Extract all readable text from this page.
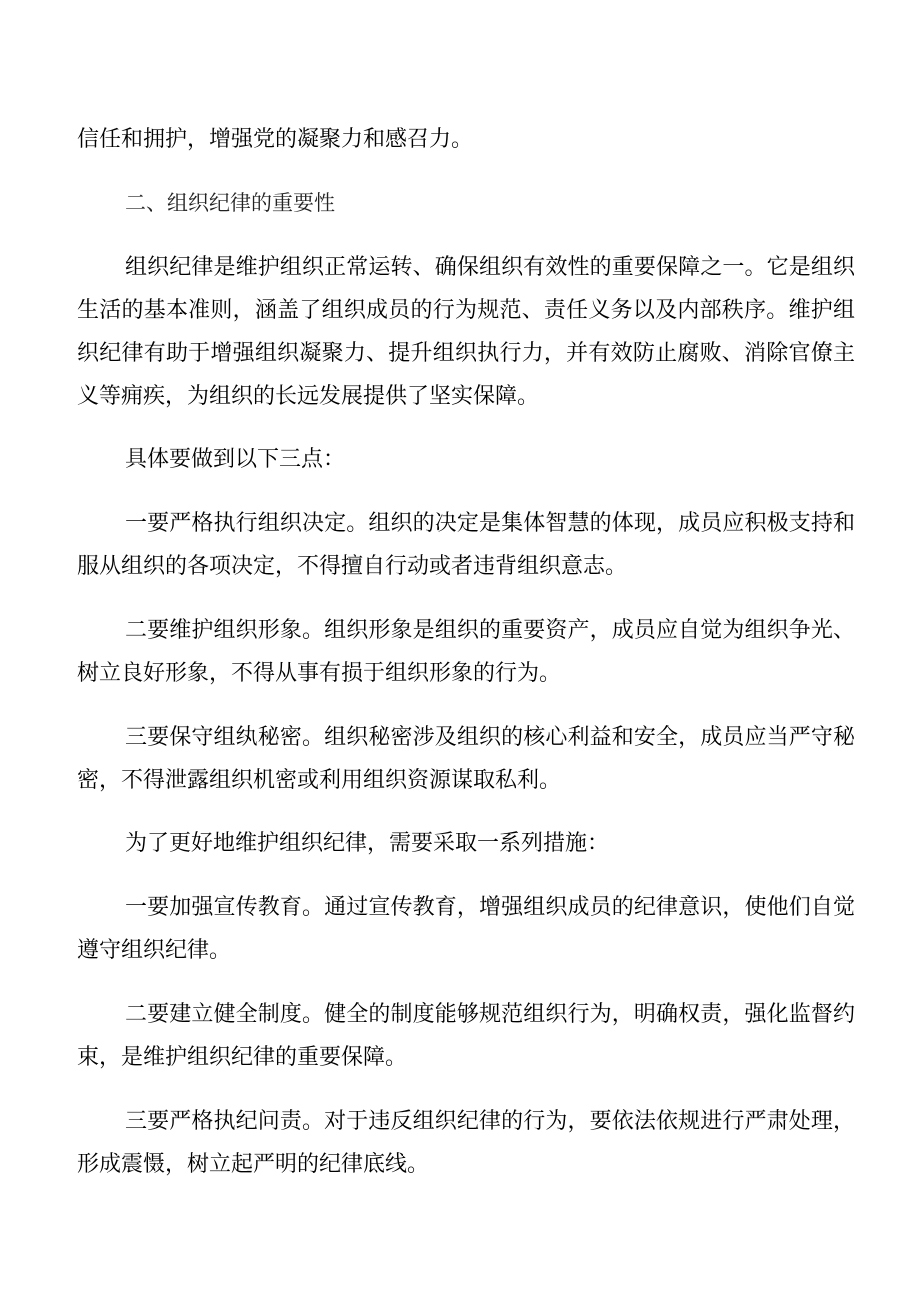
信任和拥护，增强党的凝聚力和感召力。

二、组织纪律的重要性

组织纪律是维护组织正常运转、确保组织有效性的重要保障之一。它是组织生活的基本准则，涵盖了组织成员的行为规范、责任义务以及内部秩序。维护组织纪律有助于增强组织凝聚力、提升组织执行力，并有效防止腐败、消除官僚主义等痈疾，为组织的长远发展提供了坚实保障。

具体要做到以下三点：

一要严格执行组织决定。组织的决定是集体智慧的体现，成员应积极支持和服从组织的各项决定，不得擅自行动或者违背组织意志。

二要维护组织形象。组织形象是组织的重要资产，成员应自觉为组织争光、树立良好形象，不得从事有损于组织形象的行为。

三要保守组纨秘密。组织秘密涉及组织的核心利益和安全，成员应当严守秘密，不得泄露组织机密或利用组织资源谋取私利。

为了更好地维护组织纪律，需要采取一系列措施：

一要加强宣传教育。通过宣传教育，增强组织成员的纪律意识，使他们自觉遵守组织纪律。

二要建立健全制度。健全的制度能够规范组织行为，明确权责，强化监督约束，是维护组织纪律的重要保障。

三要严格执纪问责。对于违反组织纪律的行为，要依法依规进行严肃处理，形成震慑，树立起严明的纪律底线。
